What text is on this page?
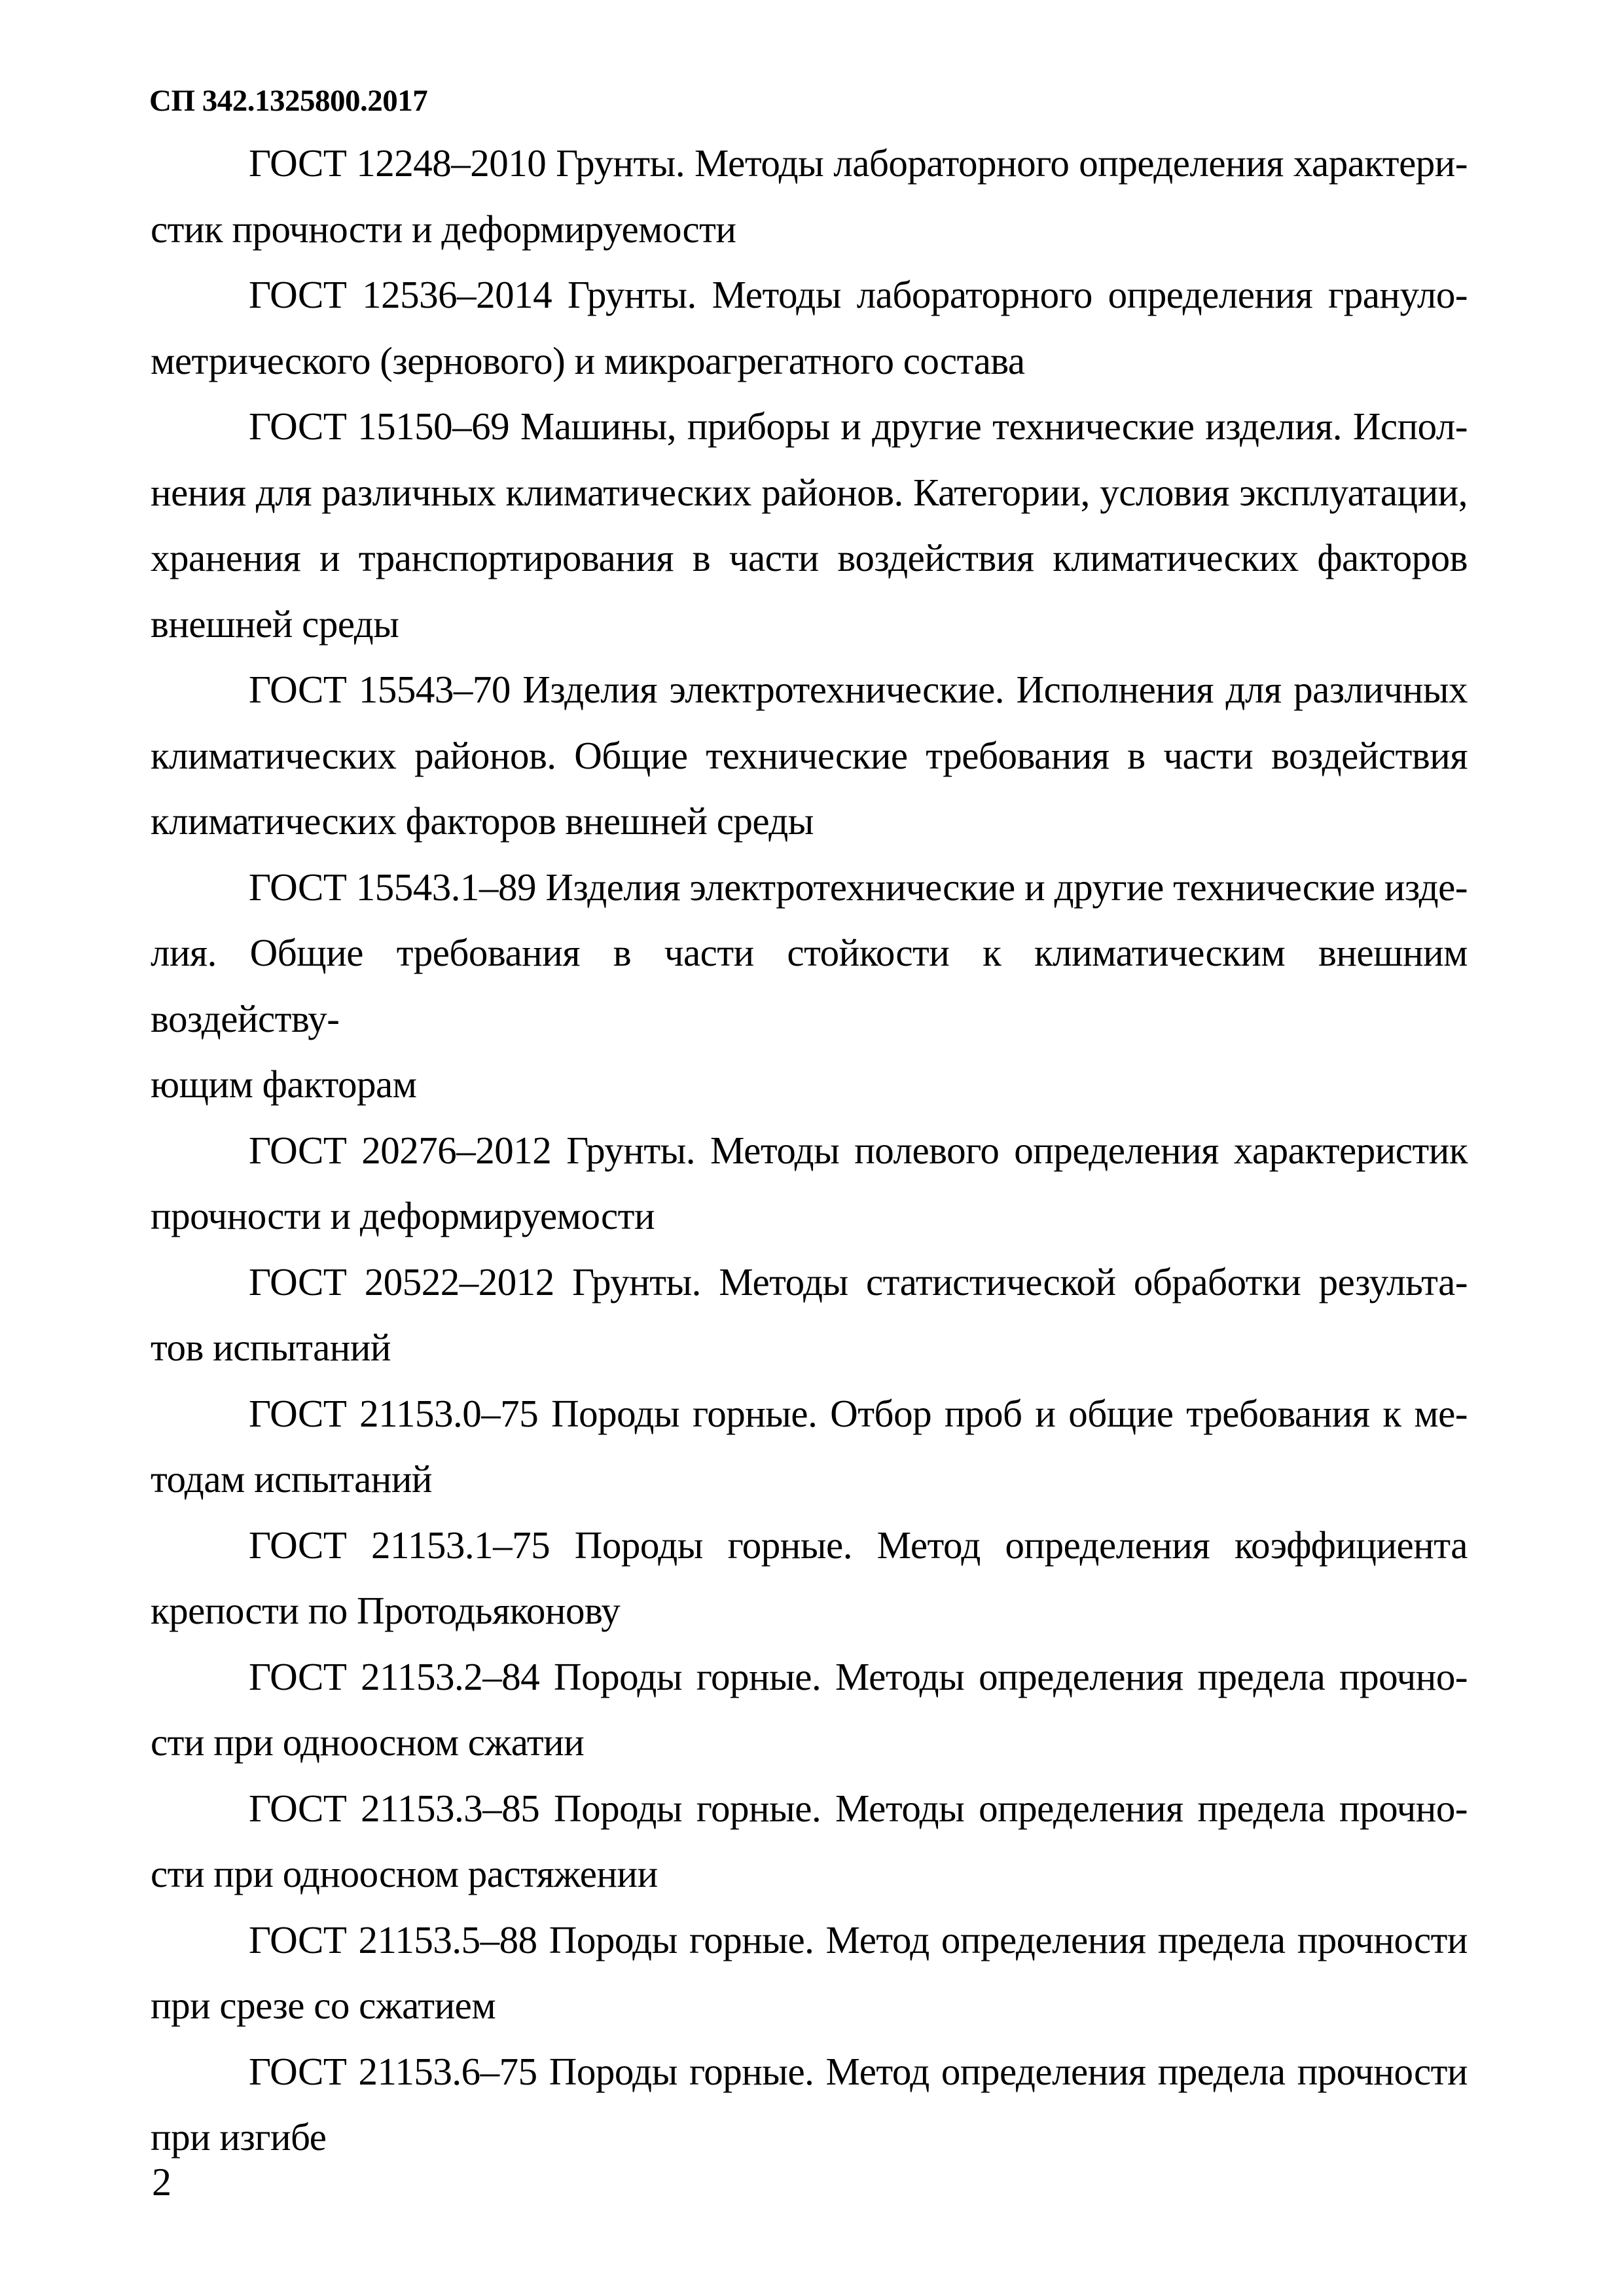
СП 342.1325800.2017
ГОСТ 12248–2010 Грунты. Методы лабораторного определения характери-
стик прочности и деформируемости
ГОСТ 12536–2014 Грунты. Методы лабораторного определения грануло-
метрического (зернового) и микроагрегатного состава
ГОСТ 15150–69 Машины, приборы и другие технические изделия. Испол-
нения для различных климатических районов. Категории, условия эксплуатации,
хранения и транспортирования в части воздействия климатических факторов
внешней среды
ГОСТ 15543–70 Изделия электротехнические. Исполнения для различных
климатических районов. Общие технические требования в части воздействия
климатических факторов внешней среды
ГОСТ 15543.1–89 Изделия электротехнические и другие технические изде-
лия. Общие требования в части стойкости к климатическим внешним воздейству-
ющим факторам
ГОСТ 20276–2012 Грунты. Методы полевого определения характеристик
прочности и деформируемости
ГОСТ 20522–2012 Грунты. Методы статистической обработки результа-
тов испытаний
ГОСТ 21153.0–75 Породы горные. Отбор проб и общие требования к ме-
тодам испытаний
ГОСТ 21153.1–75 Породы горные. Метод определения коэффициента
крепости по Протодьяконову
ГОСТ 21153.2–84 Породы горные. Методы определения предела прочно-
сти при одноосном сжатии
ГОСТ 21153.3–85 Породы горные. Методы определения предела прочно-
сти при одноосном растяжении
ГОСТ 21153.5–88 Породы горные. Метод определения предела прочности
при срезе со сжатием
ГОСТ 21153.6–75 Породы горные. Метод определения предела прочности
при изгибе
2
